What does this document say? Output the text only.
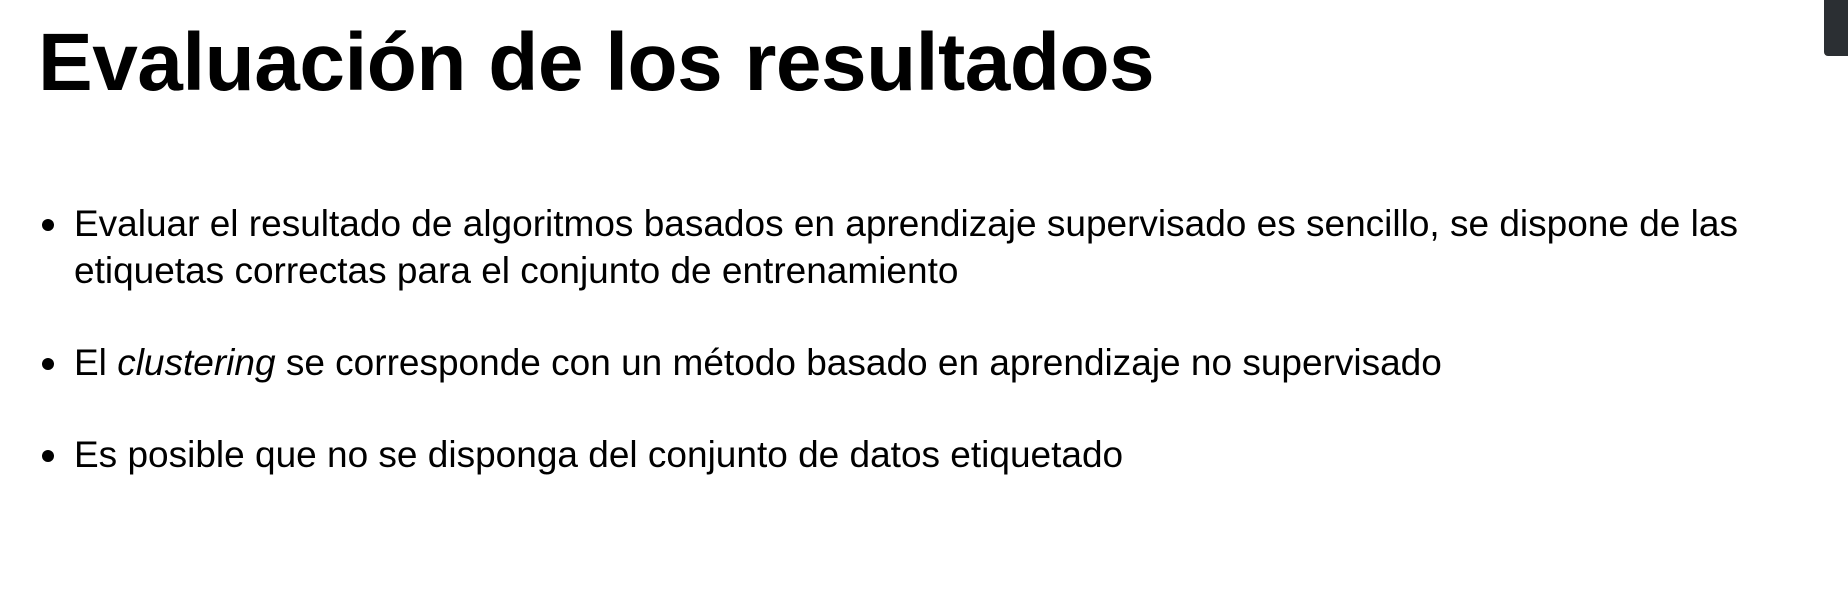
Evaluación de los resultados
Evaluar el resultado de algoritmos basados en aprendizaje supervisado es sencillo, se dispone de las etiquetas correctas para el conjunto de entrenamiento
El clustering se corresponde con un método basado en aprendizaje no supervisado
Es posible que no se disponga del conjunto de datos etiquetado
